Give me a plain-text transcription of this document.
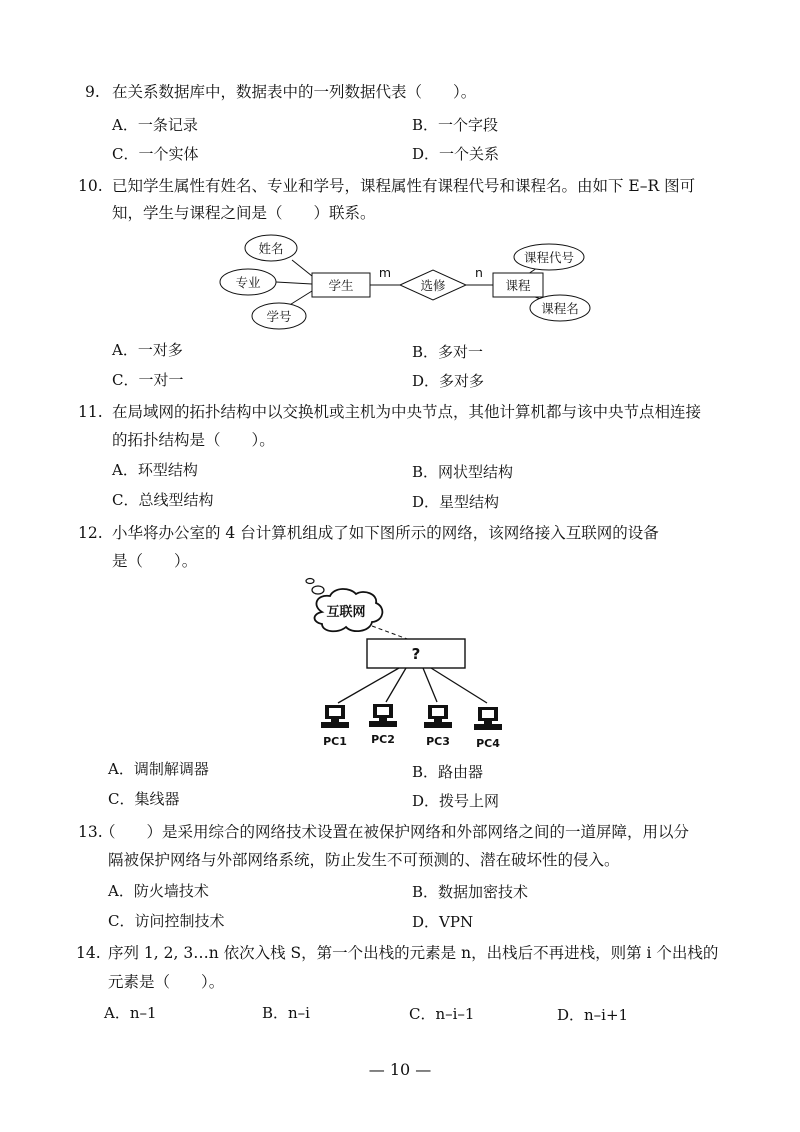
9. 在关系数据库中，数据表中的一列数据代表（　　）。
A．一条记录	B．一个字段
C．一个实体	D．一个关系
10. 已知学生属性有姓名、专业和学号，课程属性有课程代号和课程名。由如下 E–R 图可
知，学生与课程之间是（　　）联系。
学生	课程
选修
m	n
姓名
专业
学号
课程代号
课程名
A．一对多	B．多对一
C．一对一	D．多对多
11. 在局域网的拓扑结构中以交换机或主机为中央节点，其他计算机都与该中央节点相连接
的拓扑结构是（　　）。
A．环型结构	B．网状型结构
C．总线型结构	D．星型结构
12. 小华将办公室的 4 台计算机组成了如下图所示的网络，该网络接入互联网的设备
是（　　）。
互联网
?
PC1 PC2	PC3 PC4
A．调制解调器	B．路由器
C．集线器	D．拨号上网
13.
（　　）是采用综合的网络技术设置在被保护网络和外部网络之间的一道屏障，用以分
隔被保护网络与外部网络系统，防止发生不可预测的、潜在破坏性的侵入。
A．防火墙技术	B．数据加密技术
C．访问控制技术	D．VPN
14. 序列 1, 2, 3…n 依次入栈 S，第一个出栈的元素是 n，出栈后不再进栈，则第 i 个出栈的
元素是（　　）。
A．n–1	B．n–i	C．n–i–1	D．n–i+1
— 10 —
